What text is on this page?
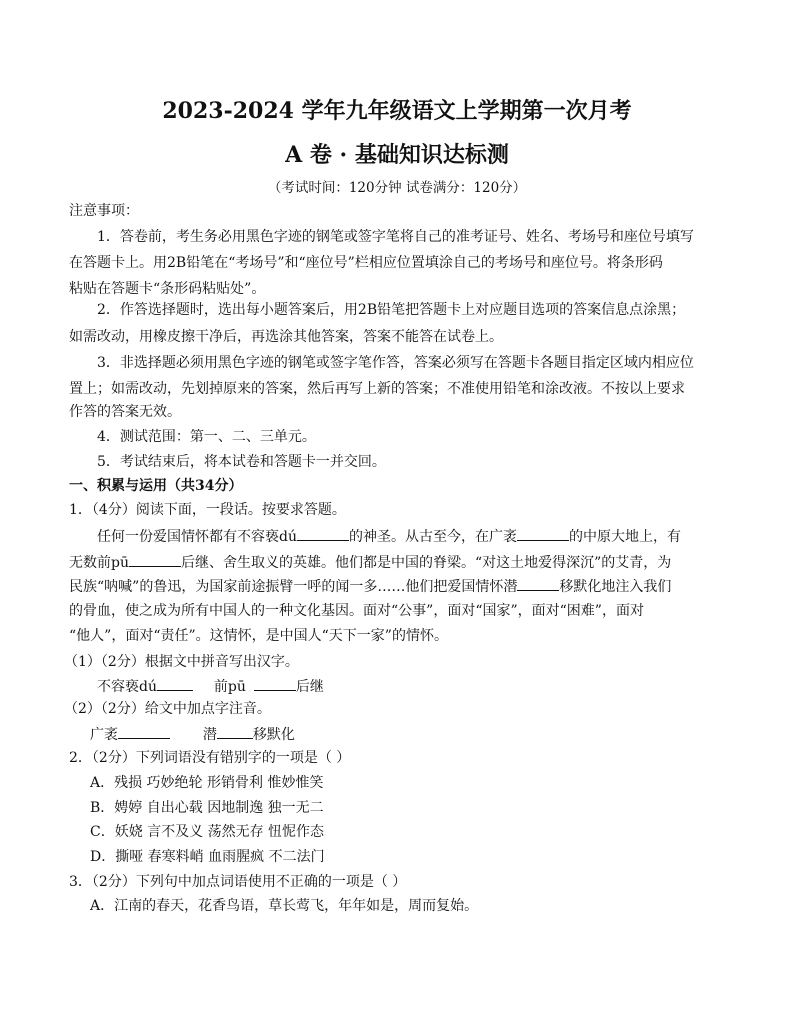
2023-2024 学年九年级语文上学期第一次月考
A 卷 · 基础知识达标测
（考试时间：120分钟 试卷满分：120分）
注意事项：
1．答卷前，考生务必用黑色字迹的钢笔或签字笔将自己的准考证号、姓名、考场号和座位号填写
在答题卡上。用2B铅笔在“考场号”和“座位号”栏相应位置填涂自己的考场号和座位号。将条形码
粘贴在答题卡“条形码粘贴处”。
2．作答选择题时，选出每小题答案后，用2B铅笔把答题卡上对应题目选项的答案信息点涂黑；
如需改动，用橡皮擦干净后，再选涂其他答案，答案不能答在试卷上。
3．非选择题必须用黑色字迹的钢笔或签字笔作答，答案必须写在答题卡各题目指定区域内相应位
置上；如需改动，先划掉原来的答案，然后再写上新的答案；不准使用铅笔和涂改液。不按以上要求
作答的答案无效。
4．测试范围：第一、二、三单元。
5．考试结束后，将本试卷和答题卡一并交回。
一、积累与运用（共34分）
1．（4分）阅读下面，一段话。按要求答题。
任何一份爱国情怀都有不容亵dú	的神圣。从古至今，在广袤	的中原大地上，有
无数前pū	后继、舍生取义的英雄。他们都是中国的脊梁。“对这土地爱得深沉”的艾青，为
民族“呐喊”的鲁迅，为国家前途振臂一呼的闻一多……他们把爱国情怀潜	移默化地注入我们
的骨血，使之成为所有中国人的一种文化基因。面对“公事”，面对“国家”，面对“困难”，面对
“他人”，面对“责任”。这情怀，是中国人“天下一家”的情怀。
（1）（2分）根据文中拼音写出汉字。
不容亵dú	前pū	后继
（2）（2分）给文中加点字注音。
广袤	潜	移默化
2．（2分）下列词语没有错别字的一项是（ ）
A．残损 巧妙绝轮 形销骨利 惟妙惟笑
B．娉婷 自出心载 因地制逸 独一无二
C．妖娆 言不及义 荡然无存 忸怩作态
D．撕哑 春寒料峭 血雨腥疯 不二法门
3．（2分）下列句中加点词语使用不正确的一项是（ ）
A．江南的春天，花香鸟语，草长莺飞，年年如是，周而复始。
